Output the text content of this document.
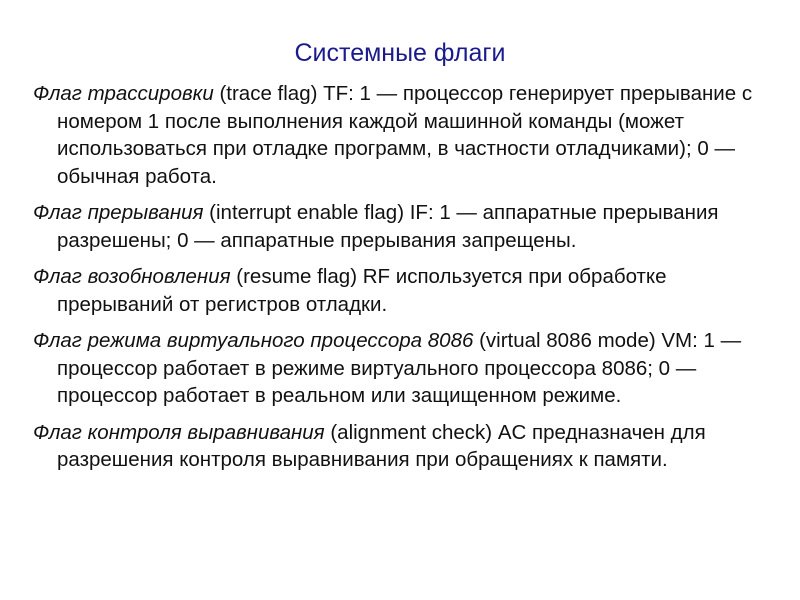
Системные флаги

Флаг трассировки (trace flag) TF: 1 — процессор генерирует прерывание с номером 1 после выполнения каждой машинной команды (может использоваться при отладке программ, в частности отладчиками); 0 — обычная работа.

Флаг прерывания (interrupt enable flag) IF: 1 — аппаратные прерывания разрешены; 0 — аппаратные прерывания запрещены.

Флаг возобновления (resume flag) RF используется при обработке прерываний от регистров отладки.

Флаг режима виртуального процессора 8086 (virtual 8086 mode) VM: 1 — процессор работает в режиме виртуального процессора 8086; 0 — процессор работает в реальном или защищенном режиме.

Флаг контроля выравнивания (alignment check) AC предназначен для разрешения контроля выравнивания при обращениях к памяти.
